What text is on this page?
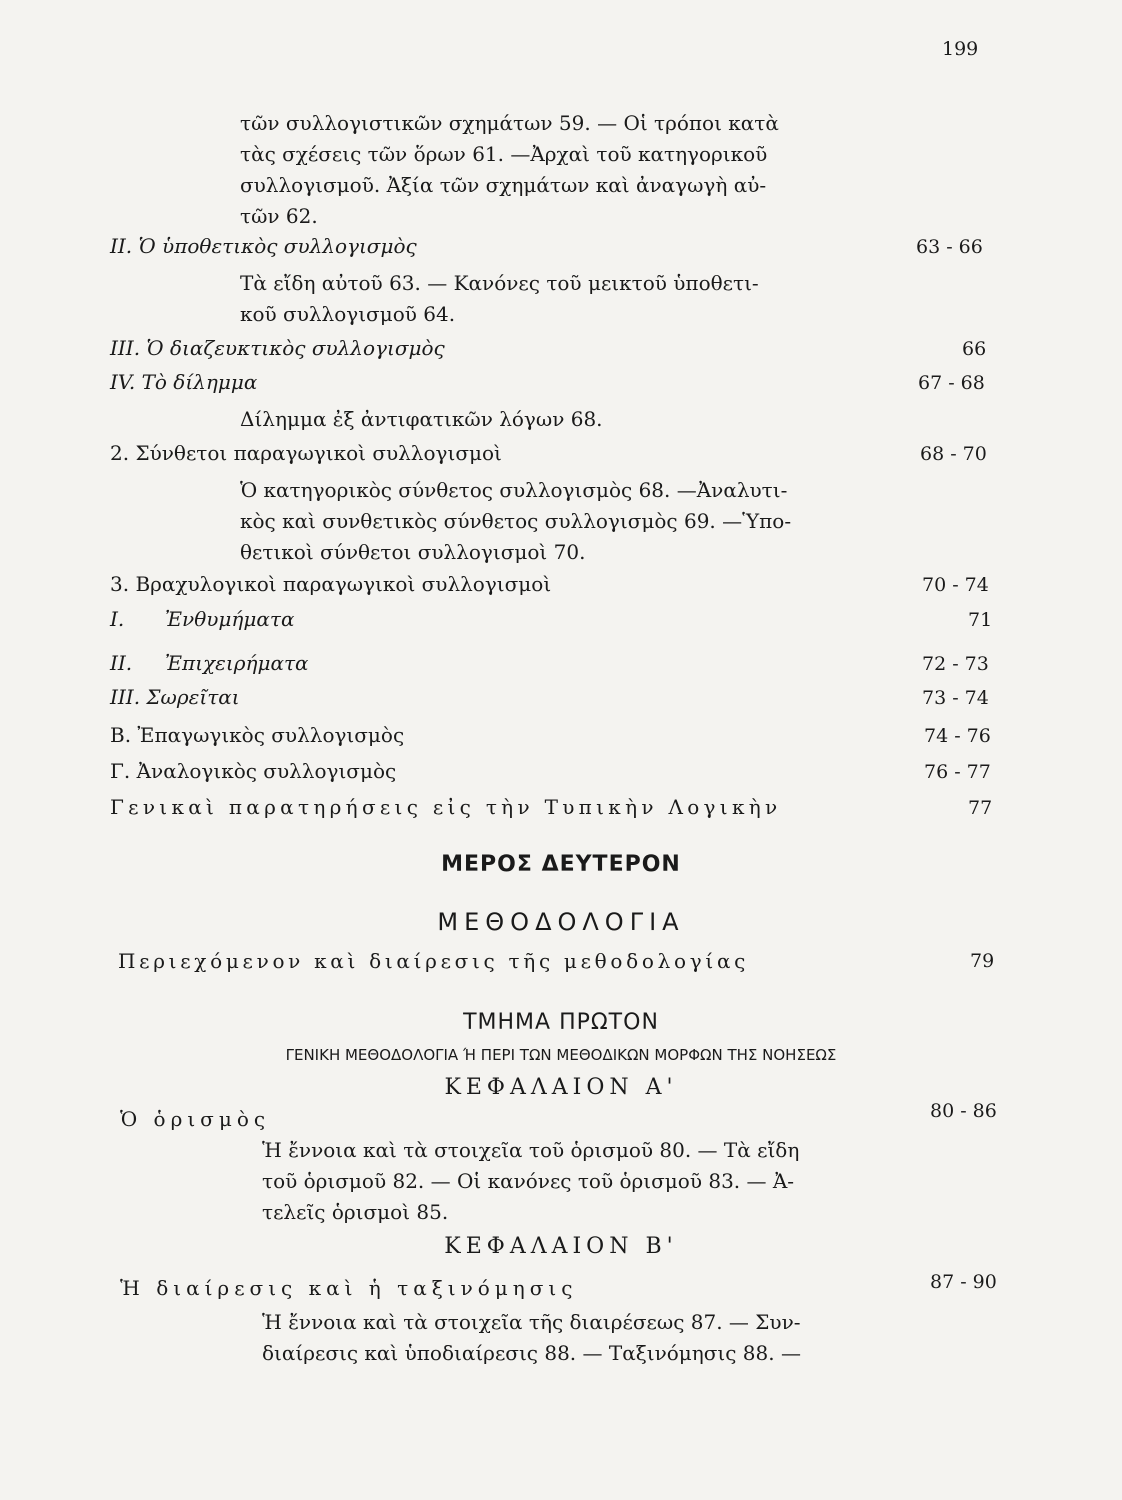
199
τῶν συλλογιστικῶν σχημάτων 59. — Οἱ τρόποι κατὰ
τὰς σχέσεις τῶν ὅρων 61. —Ἀρχαὶ τοῦ κατηγορικοῦ
συλλογισμοῦ. Ἀξία τῶν σχημάτων καὶ ἀναγωγὴ αὐ-
τῶν 62.
II. Ὁ ὑποθετικὸς συλλογισμὸς	63 - 66
Τὰ εἴδη αὐτοῦ 63. — Κανόνες τοῦ μεικτοῦ ὑποθετι-
κοῦ συλλογισμοῦ 64.
III. Ὁ διαζευκτικὸς συλλογισμὸς	66
IV. Τὸ δίλημμα	67 - 68
Δίλημμα ἐξ ἀντιφατικῶν λόγων 68.
2. Σύνθετοι παραγωγικοὶ συλλογισμοὶ	68 - 70
Ὁ κατηγορικὸς σύνθετος συλλογισμὸς 68. —Ἀναλυτι-
κὸς καὶ συνθετικὸς σύνθετος συλλογισμὸς 69. —Ὑπο-
θετικοὶ σύνθετοι συλλογισμοὶ 70.
3. Βραχυλογικοὶ παραγωγικοὶ συλλογισμοὶ	70 - 74
I. Ἐνθυμήματα	71
II. Ἐπιχειρήματα	72 - 73
III. Σωρεῖται	73 - 74
B. Ἐπαγωγικὸς συλλογισμὸς	74 - 76
Γ. Ἀναλογικὸς συλλογισμὸς	76 - 77
Γενικαὶ παρατηρήσεις εἰς τὴν Τυπικὴν Λογικὴν	77
ΜΕΡΟΣ ΔΕΥΤΕΡΟΝ
ΜΕΘΟΔΟΛΟΓΙΑ
Περιεχόμενον καὶ διαίρεσις τῆς μεθοδολογίας	79
ΤΜΗΜΑ ΠΡΩΤΟΝ
ΓΕΝΙΚΗ ΜΕΘΟΔΟΛΟΓΙΑ Ή ΠΕΡΙ ΤΩΝ ΜΕΘΟΔΙΚΩΝ ΜΟΡΦΩΝ ΤΗΣ ΝΟΗΣΕΩΣ
ΚΕΦΑΛΑΙΟΝ Α'
Ὁ ὁρισμὸς	80 - 86
Ἡ ἔννοια καὶ τὰ στοιχεῖα τοῦ ὁρισμοῦ 80. — Τὰ εἴδη
τοῦ ὁρισμοῦ 82. — Οἱ κανόνες τοῦ ὁρισμοῦ 83. — Ἀ-
τελεῖς ὁρισμοὶ 85.
ΚΕΦΑΛΑΙΟΝ Β'
Ἡ διαίρεσις καὶ ἡ ταξινόμησις	87 - 90
Ἡ ἔννοια καὶ τὰ στοιχεῖα τῆς διαιρέσεως 87. — Συν-
διαίρεσις καὶ ὑποδιαίρεσις 88. — Ταξινόμησις 88. —
